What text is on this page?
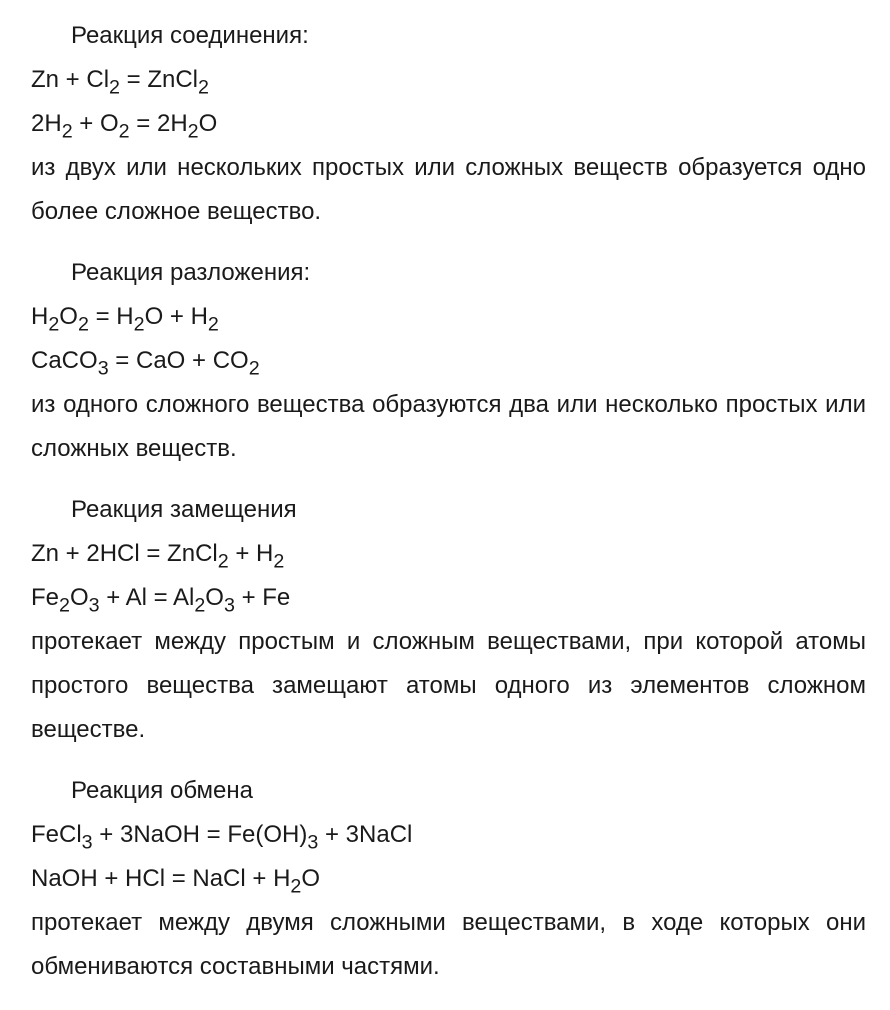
Реакция соединения:
$Zn + Cl_2$ = ZnCl$_2$
$2H_2 + O_2 = 2H_2O$

из двух или нескольких простых или сложных веществ образуется одно более сложное вещество.

Реакция разложения:
$H_2O_2 = H_2O + H_2$
CaCO$_3$ = CaO + $CO_2$

из одного сложного вещества образуются два или несколько простых или сложных веществ.

Реакция замещения
Zn + 2HCl = ZnCl$_2$ + $H_2$
$Fe_2O_3 + Al = Al_2O_3 + Fe$

протекает между простым и сложным веществами, при которой атомы простого вещества замещают атомы одного из элементов сложном веществе.

Реакция обмена
FeCl$_3$ + 3NaOH = $Fe(OH)_3$ + 3NaCl
NaOH + HCl = NaCl + $H_2O$

протекает между двумя сложными веществами, в ходе которых они обмениваются составными частями.
